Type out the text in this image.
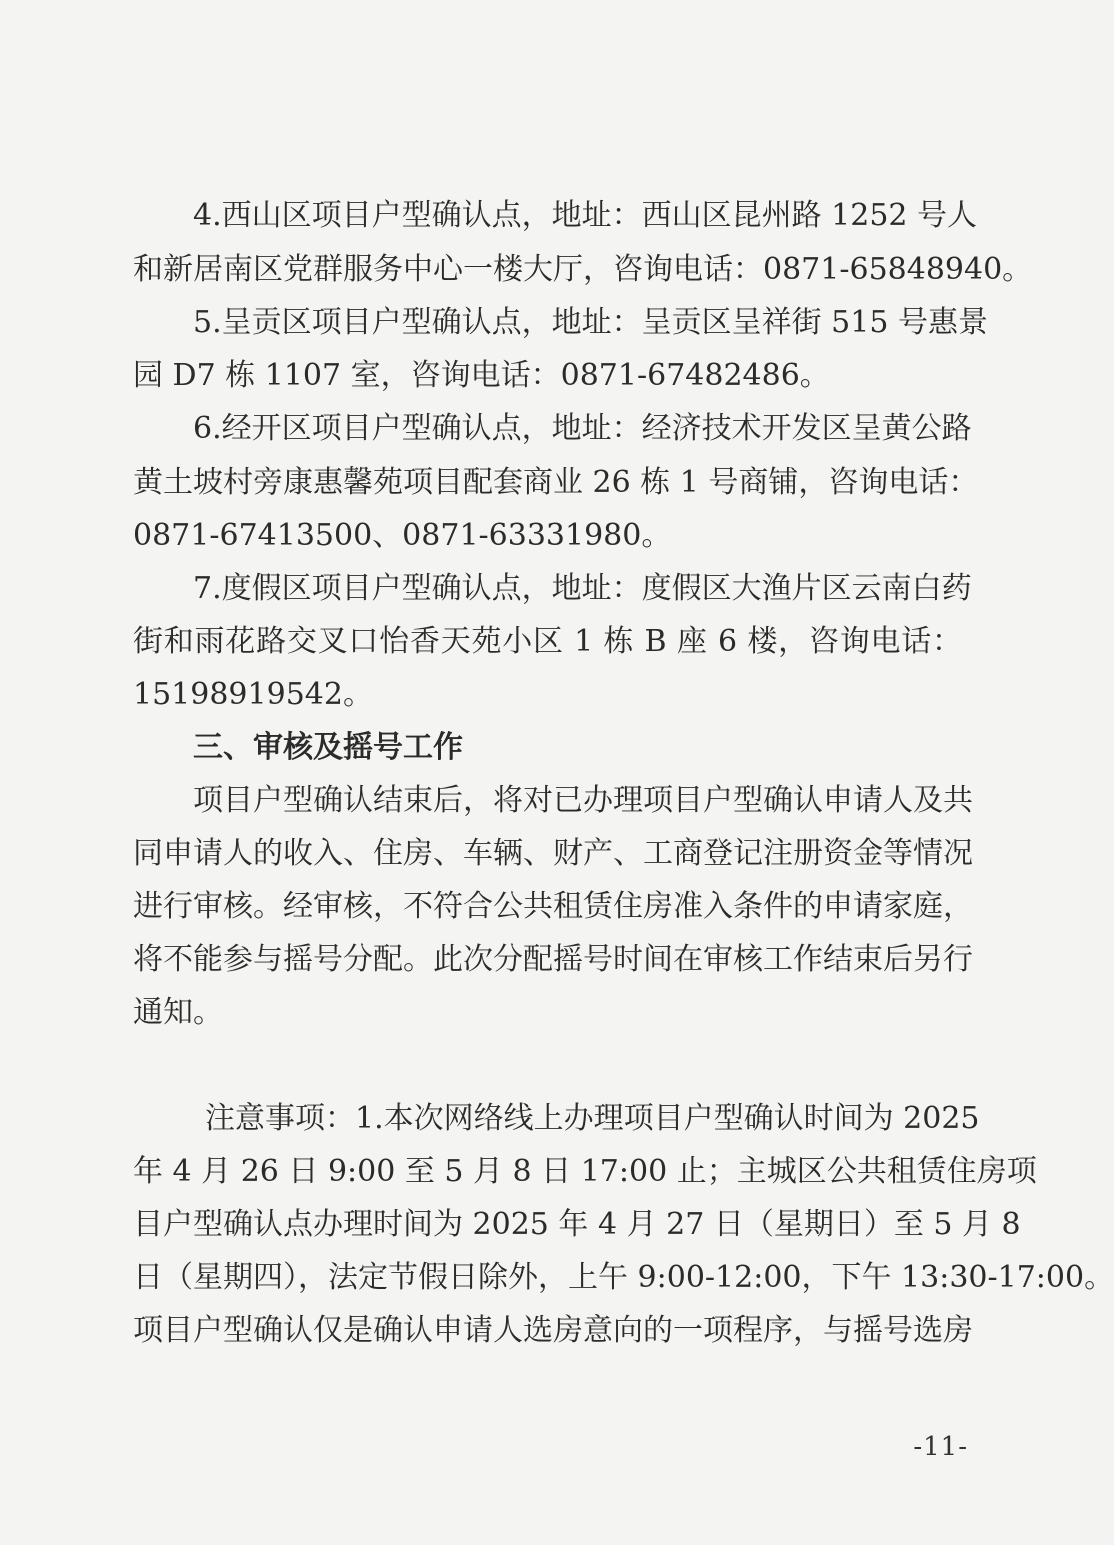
4.西山区项目户型确认点，地址：西山区昆州路 1252 号人
和新居南区党群服务中心一楼大厅，咨询电话：0871-65848940。
5.呈贡区项目户型确认点，地址：呈贡区呈祥街 515 号惠景
园 D7 栋 1107 室，咨询电话：0871-67482486。
6.经开区项目户型确认点，地址：经济技术开发区呈黄公路
黄土坡村旁康惠馨苑项目配套商业 26 栋 1 号商铺，咨询电话：
0871-67413500、0871-63331980。
7.度假区项目户型确认点，地址：度假区大渔片区云南白药
街和雨花路交叉口怡香天苑小区 1 栋 B 座 6 楼，咨询电话：
15198919542。
三、审核及摇号工作
项目户型确认结束后，将对已办理项目户型确认申请人及共
同申请人的收入、住房、车辆、财产、工商登记注册资金等情况
进行审核。经审核，不符合公共租赁住房准入条件的申请家庭，
将不能参与摇号分配。此次分配摇号时间在审核工作结束后另行
通知。
注意事项：1.本次网络线上办理项目户型确认时间为 2025
年 4 月 26 日 9:00 至 5 月 8 日 17:00 止；主城区公共租赁住房项
目户型确认点办理时间为 2025 年 4 月 27 日（星期日）至 5 月 8
日（星期四），法定节假日除外，上午 9:00-12:00，下午 13:30-17:00。
项目户型确认仅是确认申请人选房意向的一项程序，与摇号选房
-11-
